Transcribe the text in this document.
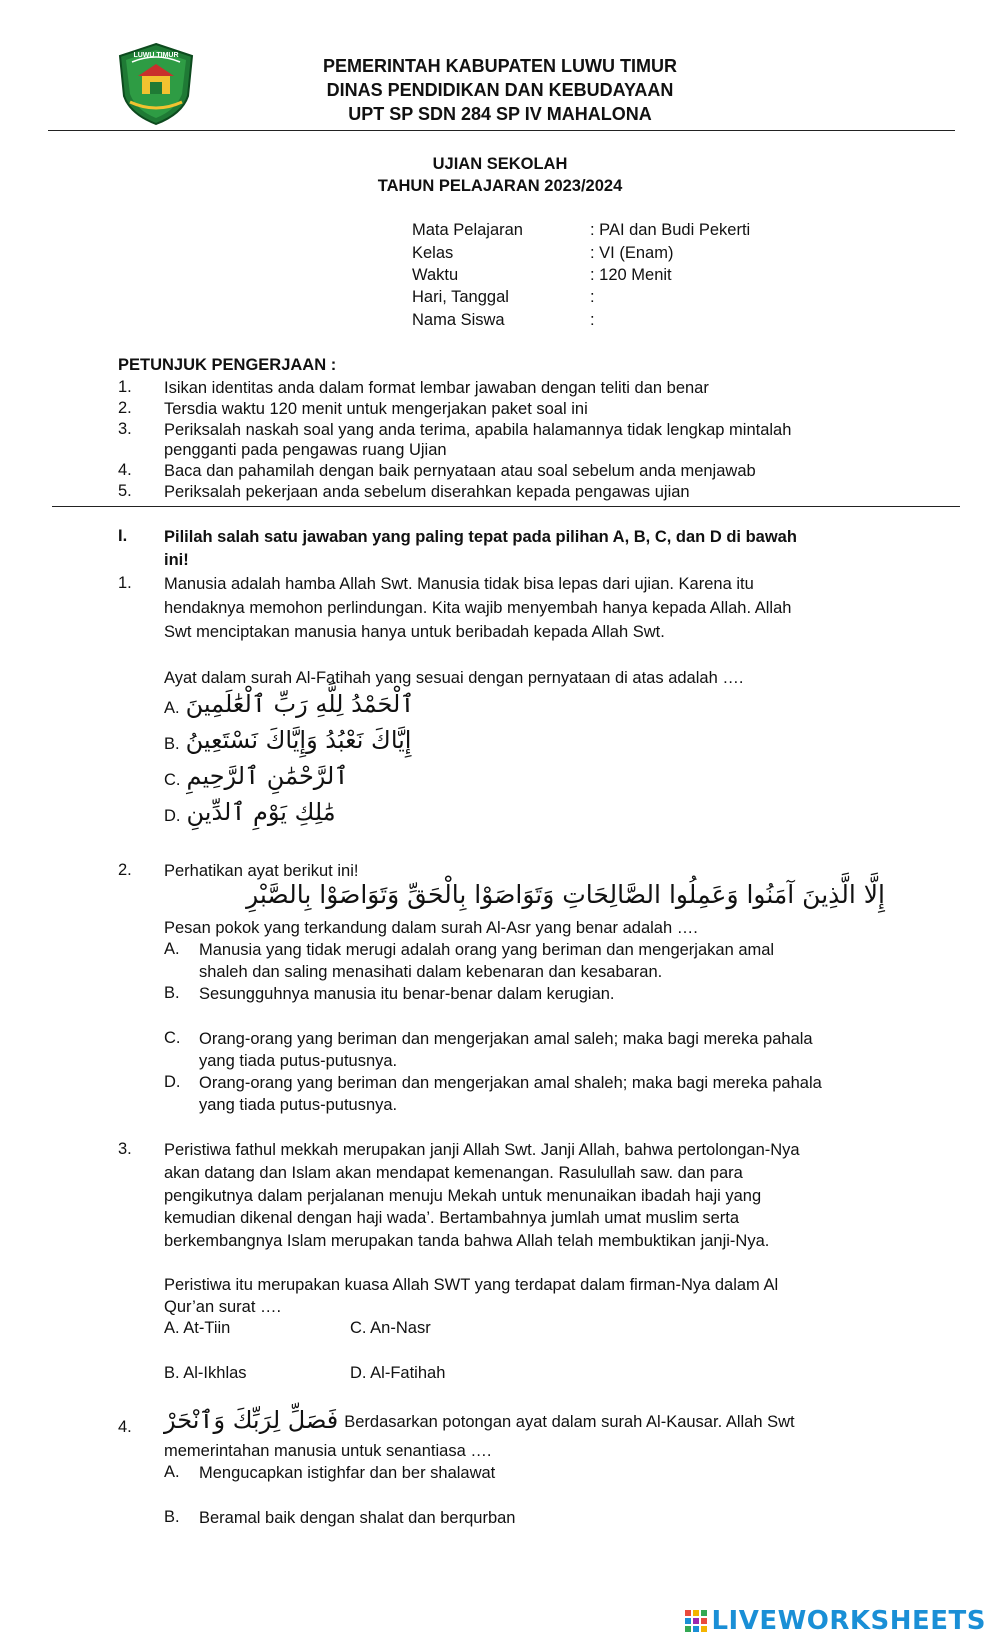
LUWU TIMUR
PEMERINTAH KABUPATEN LUWU TIMUR
DINAS PENDIDIKAN DAN KEBUDAYAAN
UPT SP SDN 284 SP IV MAHALONA
UJIAN SEKOLAH
TAHUN PELAJARAN 2023/2024
Mata Pelajaran	: PAI dan Budi Pekerti
Kelas	: VI (Enam)
Waktu	: 120 Menit
Hari, Tanggal	:
Nama Siswa	:
PETUNJUK PENGERJAAN :
1. Isikan identitas anda dalam format lembar jawaban dengan teliti dan benar
2. Tersdia waktu 120 menit untuk mengerjakan paket soal ini
3. Periksalah naskah soal yang anda terima, apabila halamannya tidak lengkap mintalah
pengganti pada pengawas ruang Ujian
4. Baca dan pahamilah dengan baik pernyataan atau soal sebelum anda menjawab
5. Periksalah pekerjaan anda sebelum diserahkan kepada pengawas ujian
I. Pililah salah satu jawaban yang paling tepat pada pilihan A, B, C, dan D di bawah
ini!
1. Manusia adalah hamba Allah Swt. Manusia tidak bisa lepas dari ujian. Karena itu
hendaknya memohon perlindungan. Kita wajib menyembah hanya kepada Allah. Allah
Swt menciptakan manusia hanya untuk beribadah kepada Allah Swt.
Ayat dalam surah Al-Fatihah yang sesuai dengan pernyataan di atas adalah ….
A. ٱلْحَمْدُ لِلَّهِ رَبِّ ٱلْعَٰلَمِينَ
B. إِيَّاكَ نَعْبُدُ وَإِيَّاكَ نَسْتَعِينُ
C. ٱلرَّحْمَٰنِ ٱلرَّحِيمِ
D. مَٰلِكِ يَوْمِ ٱلدِّينِ
2. Perhatikan ayat berikut ini!
إِلَّا الَّذِينَ آمَنُوا وَعَمِلُوا الصَّالِحَاتِ وَتَوَاصَوْا بِالْحَقِّ وَتَوَاصَوْا بِالصَّبْرِ
Pesan pokok yang terkandung dalam surah Al-Asr yang benar adalah ….
A. Manusia yang tidak merugi adalah orang yang beriman dan mengerjakan amal
shaleh dan saling menasihati dalam kebenaran dan kesabaran.
B. Sesungguhnya manusia itu benar-benar dalam kerugian.
C. Orang-orang yang beriman dan mengerjakan amal saleh; maka bagi mereka pahala
yang tiada putus-putusnya.
D. Orang-orang yang beriman dan mengerjakan amal shaleh; maka bagi mereka pahala
yang tiada putus-putusnya.
3. Peristiwa fathul mekkah merupakan janji Allah Swt. Janji Allah, bahwa pertolongan-Nya
akan datang dan Islam akan mendapat kemenangan. Rasulullah saw. dan para
pengikutnya dalam perjalanan menuju Mekah untuk menunaikan ibadah haji yang
kemudian dikenal dengan haji wada’. Bertambahnya jumlah umat muslim serta
berkembangnya Islam merupakan tanda bahwa Allah telah membuktikan janji-Nya.
Peristiwa itu merupakan kuasa Allah SWT yang terdapat dalam firman-Nya dalam Al
Qur’an surat ….
A. At-Tiin	C. An-Nasr
B. Al-Ikhlas	D. Al-Fatihah
4. فَصَلِّ لِرَبِّكَ وَٱنْحَرْ Berdasarkan potongan ayat dalam surah Al-Kausar. Allah Swt
memerintahan manusia untuk senantiasa ….
A. Mengucapkan istighfar dan ber shalawat
B. Beramal baik dengan shalat dan berqurban
LIVEWORKSHEETS
